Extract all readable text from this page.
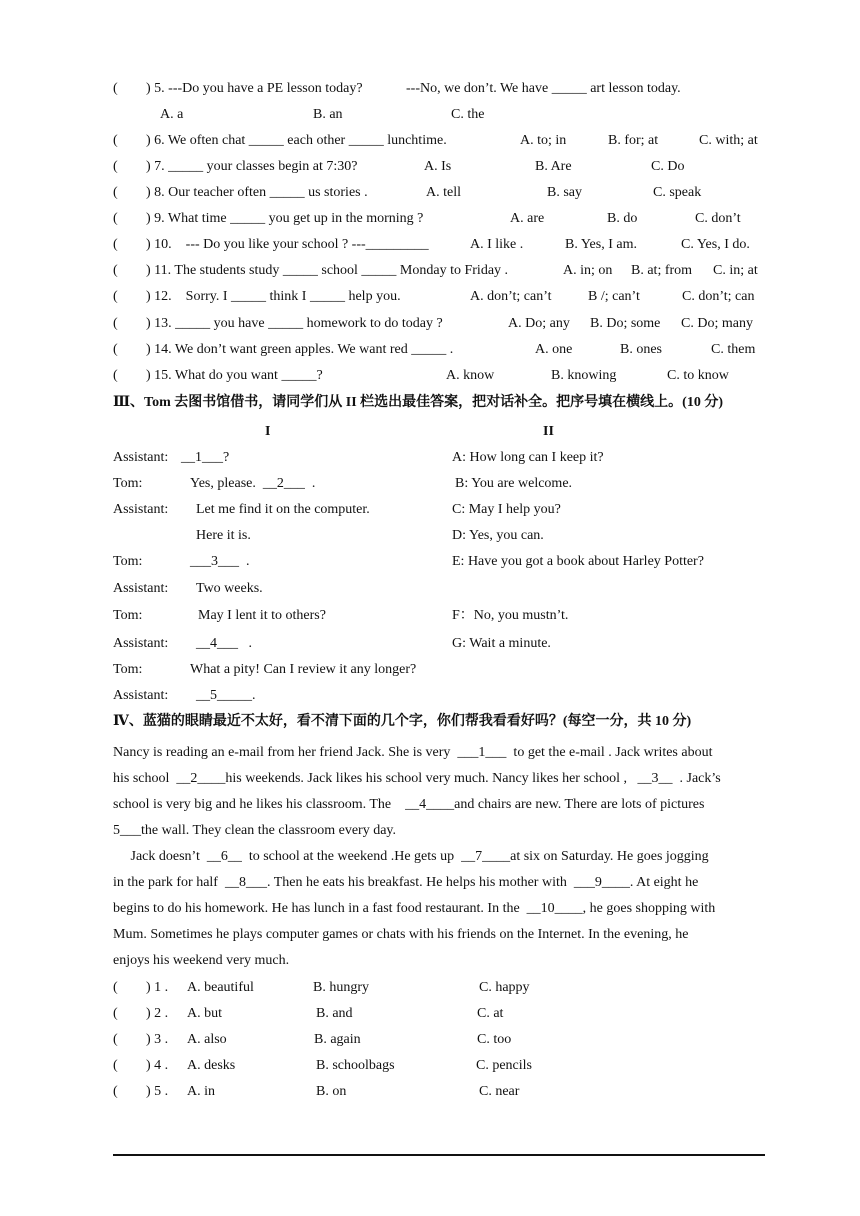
( ) 5. ---Do you have a PE lesson today?	---No, we don’t. We have _____ art lesson today.
A. a	B. an	C. the
( ) 6. We often chat _____ each other _____ lunchtime.	A. to; in	B. for; at	C. with; at
( ) 7. _____ your classes begin at 7:30?	A. Is	B. Are	C. Do
( ) 8. Our teacher often _____ us stories .	A. tell	B. say	C. speak
( ) 9. What time _____ you get up in the morning ?	A. are	B. do	C. don’t
( ) 10.    --- Do you like your school ? ---_________	A. I like .	B. Yes, I am.	C. Yes, I do.
( ) 11. The students study _____ school _____ Monday to Friday .	A. in; on B. at; from C. in; at
( ) 12.    Sorry. I _____ think I _____ help you.	A. don’t; can’t	B /; can’t	C. don’t; can
( ) 13. _____ you have _____ homework to do today ?	A. Do; any B. Do; some C. Do; many
( ) 14. We don’t want green apples. We want red _____ .	A. one	B. ones	C. them
( ) 15. What do you want _____?	A. know	B. knowing	C. to know
Ⅲ、Tom 去图书馆借书，请同学们从 II 栏选出最佳答案，把对话补全。把序号填在横线上。(10 分)
I	II
Assistant: __1___?	A: How long can I keep it?
Tom:	Yes, please.  __2___  .	B: You are welcome.
Assistant: Let me find it on the computer.	C: May I help you?
Here it is.	D: Yes, you can.
Tom:	___3___  .	E: Have you got a book about Harley Potter?
Assistant: Two weeks.
Tom:	May I lent it to others?	F：No, you mustn’t.
Assistant: __4___   .	G: Wait a minute.
Tom:	What a pity! Can I review it any longer?
Assistant: __5_____.
Ⅳ、蓝猫的眼睛最近不太好，看不清下面的几个字，你们帮我看看好吗？(每空一分，共 10 分)
Nancy is reading an e-mail from her friend Jack. She is very  ___1___  to get the e-mail . Jack writes about
his school  __2____his weekends. Jack likes his school very much. Nancy likes her school ,   __3__  . Jack’s
school is very big and he likes his classroom. The    __4____and chairs are new. There are lots of pictures
5___the wall. They clean the classroom every day.
Jack doesn’t  __6__  to school at the weekend .He gets up  __7____at six on Saturday. He goes jogging
in the park for half  __8___. Then he eats his breakfast. He helps his mother with  ___9____. At eight he
begins to do his homework. He has lunch in a fast food restaurant. In the  __10____, he goes shopping with
Mum. Sometimes he plays computer games or chats with his friends on the Internet. In the evening, he
enjoys his weekend very much.
( ) 1 . A. beautiful	B. hungry	C. happy
( ) 2 . A. but	B. and	C. at
( ) 3 . A. also	B. again	C. too
( ) 4 . A. desks	B. schoolbags	C. pencils
( ) 5 . A. in	B. on	C. near
